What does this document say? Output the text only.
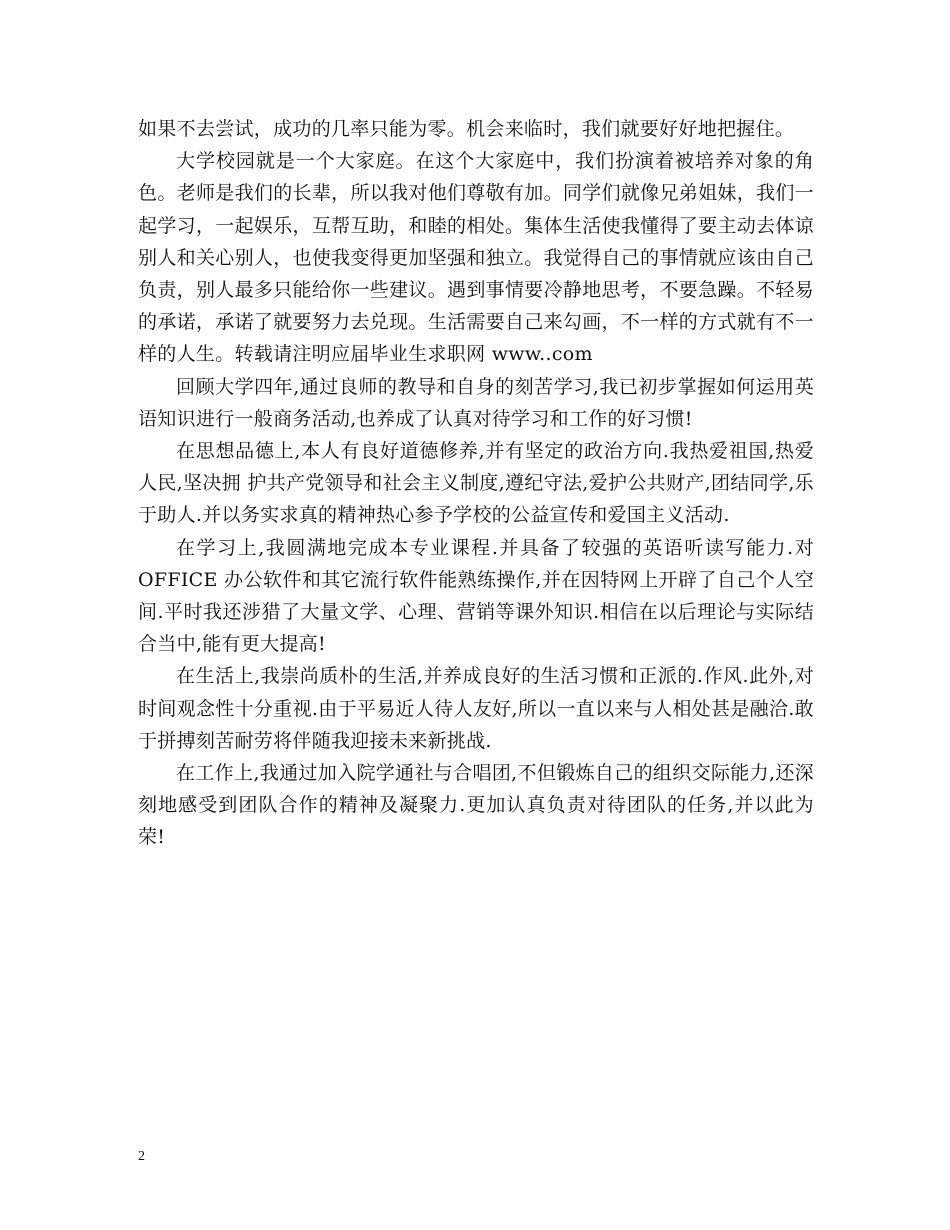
如果不去尝试，成功的几率只能为零。机会来临时，我们就要好好地把握住。

大学校园就是一个大家庭。在这个大家庭中，我们扮演着被培养对象的角色。老师是我们的长辈，所以我对他们尊敬有加。同学们就像兄弟姐妹，我们一起学习，一起娱乐，互帮互助，和睦的相处。集体生活使我懂得了要主动去体谅别人和关心别人，也使我变得更加坚强和独立。我觉得自己的事情就应该由自己负责，别人最多只能给你一些建议。遇到事情要冷静地思考，不要急躁。不轻易的承诺，承诺了就要努力去兑现。生活需要自己来勾画，不一样的方式就有不一样的人生。转载请注明应届毕业生求职网 www..com

回顾大学四年,通过良师的教导和自身的刻苦学习,我已初步掌握如何运用英语知识进行一般商务活动,也养成了认真对待学习和工作的好习惯!

在思想品德上,本人有良好道德修养,并有坚定的政治方向.我热爱祖国,热爱人民,坚决拥 护共产党领导和社会主义制度,遵纪守法,爱护公共财产,团结同学,乐于助人.并以务实求真的精神热心参予学校的公益宣传和爱国主义活动.

在学习上,我圆满地完成本专业课程.并具备了较强的英语听读写能力.对 OFFICE 办公软件和其它流行软件能熟练操作,并在因特网上开辟了自己个人空间.平时我还涉猎了大量文学、心理、营销等课外知识.相信在以后理论与实际结合当中,能有更大提高!

在生活上,我崇尚质朴的生活,并养成良好的生活习惯和正派的.作风.此外,对时间观念性十分重视.由于平易近人待人友好,所以一直以来与人相处甚是融洽.敢于拼搏刻苦耐劳将伴随我迎接未来新挑战.

在工作上,我通过加入院学通社与合唱团,不但锻炼自己的组织交际能力,还深刻地感受到团队合作的精神及凝聚力.更加认真负责对待团队的任务,并以此为荣!

2
